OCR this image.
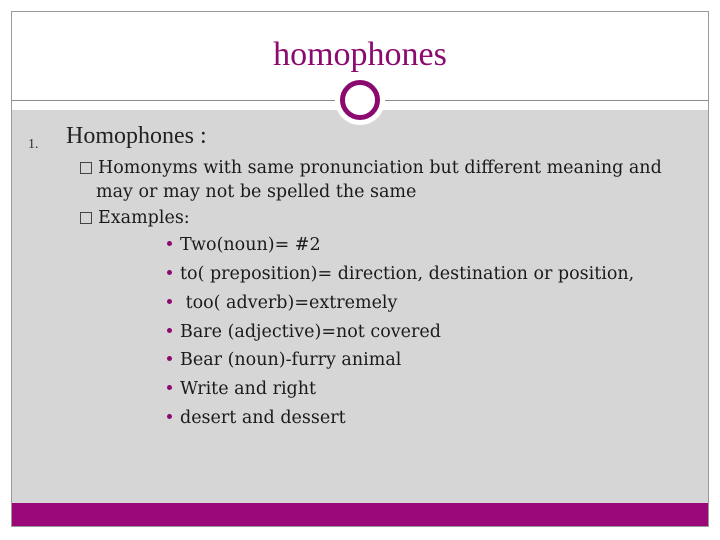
homophones
1. Homophones :
Homonyms with same pronunciation but different meaning and
may or may not be spelled the same
Examples:
Two(noun)= #2
to( preposition)= direction, destination or position,
too( adverb)=extremely
Bare (adjective)=not covered
Bear (noun)-furry animal
Write and right
desert and dessert
